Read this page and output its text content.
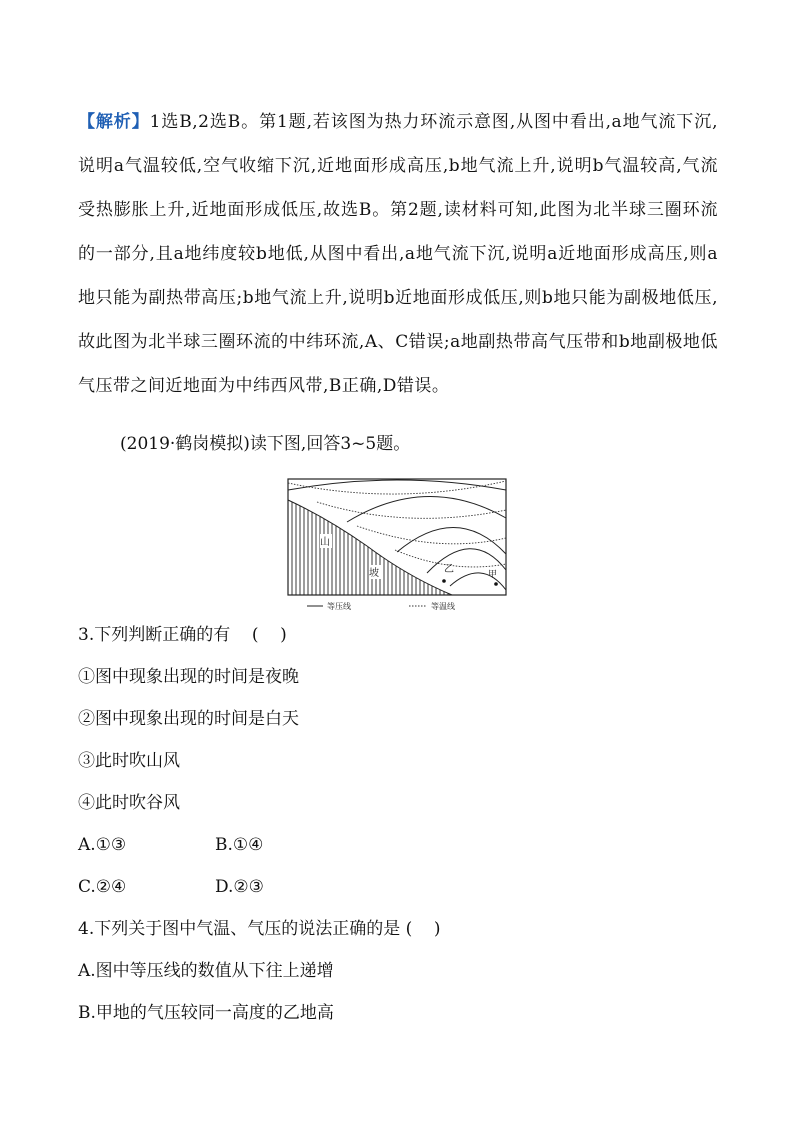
【解析】1选B,2选B。第1题,若该图为热力环流示意图,从图中看出,a地气流下沉,说明a气温较低,空气收缩下沉,近地面形成高压,b地气流上升,说明b气温较高,气流受热膨胀上升,近地面形成低压,故选B。第2题,读材料可知,此图为北半球三圈环流的一部分,且a地纬度较b地低,从图中看出,a地气流下沉,说明a近地面形成高压,则a地只能为副热带高压;b地气流上升,说明b近地面形成低压,则b地只能为副极地低压,故此图为北半球三圈环流的中纬环流,A、C错误;a地副热带高气压带和b地副极地低气压带之间近地面为中纬西风带,B正确,D错误。
(2019·鹤岗模拟)读下图,回答3~5题。
山
坡	乙	甲
等压线	等温线
3.下列判断正确的有    (    )
①图中现象出现的时间是夜晚
②图中现象出现的时间是白天
③此时吹山风
④此时吹谷风
A.①③	B.①④
C.②④	D.②③
4.下列关于图中气温、气压的说法正确的是 (    )
A.图中等压线的数值从下往上递增
B.甲地的气压较同一高度的乙地高
